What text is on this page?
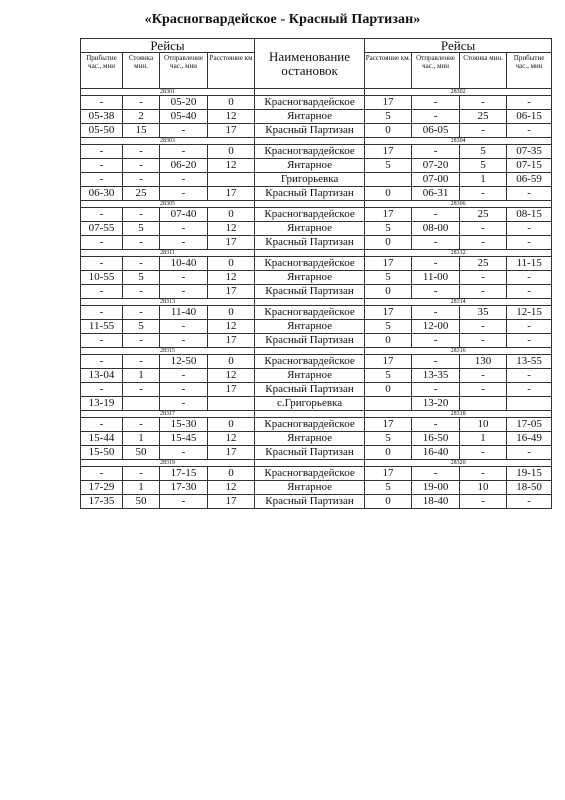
«Красногвардейское - Красный Партизан»
Рейсы				Наименование остановок	Рейсы			
Прибытие час., мин	Стоянка мин.	Отправление час., мин	Расстояние км		Расстояние км.	Отправление час., мин	Стоянка мин.	Прибытие час., мин
28301					28302			
-	-	05-20	0	Красногвардейское	17	-	-	-
05-38	2	05-40	12	Янтарное	5	-	25	06-15
05-50	15	-	17	Красный Партизан	0	06-05	-	-
28303					28304			
-	-	-	0	Красногвардейское	17	-	5	07-35
-	-	06-20	12	Янтарное	5	07-20	5	07-15
-	-	-		Григорьевка		07-00	1	06-59
06-30	25	-	17	Красный Партизан	0	06-31	-	-
28305					28306			
-	-	07-40	0	Красногвардейское	17	-	25	08-15
07-55	5	-	12	Янтарное	5	08-00	-	-
-	-	-	17	Красный Партизан	0	-	-	-
28311					28312			
-	-	10-40	0	Красногвардейское	17	-	25	11-15
10-55	5	-	12	Янтарное	5	11-00	-	-
-	-	-	17	Красный Партизан	0	-	-	-
28313					28314			
-	-	11-40	0	Красногвардейское	17	-	35	12-15
11-55	5	-	12	Янтарное	5	12-00	-	-
-	-	-	17	Красный Партизан	0	-	-	-
28315					28316			
-	-	12-50	0	Красногвардейское	17	-	130	13-55
13-04	1	-	12	Янтарное	5	13-35	-	-
-	-	-	17	Красный Партизан	0	-	-	-
13-19		-		с.Григорьевка		13-20		
28317					28318			
-	-	15-30	0	Красногвардейское	17	-	10	17-05
15-44	1	15-45	12	Янтарное	5	16-50	1	16-49
15-50	50	-	17	Красный Партизан	0	16-40	-	-
28319					28320			
-	-	17-15	0	Красногвардейское	17	-	-	19-15
17-29	1	17-30	12	Янтарное	5	19-00	10	18-50
17-35	50	-	17	Красный Партизан	0	18-40	-	-
